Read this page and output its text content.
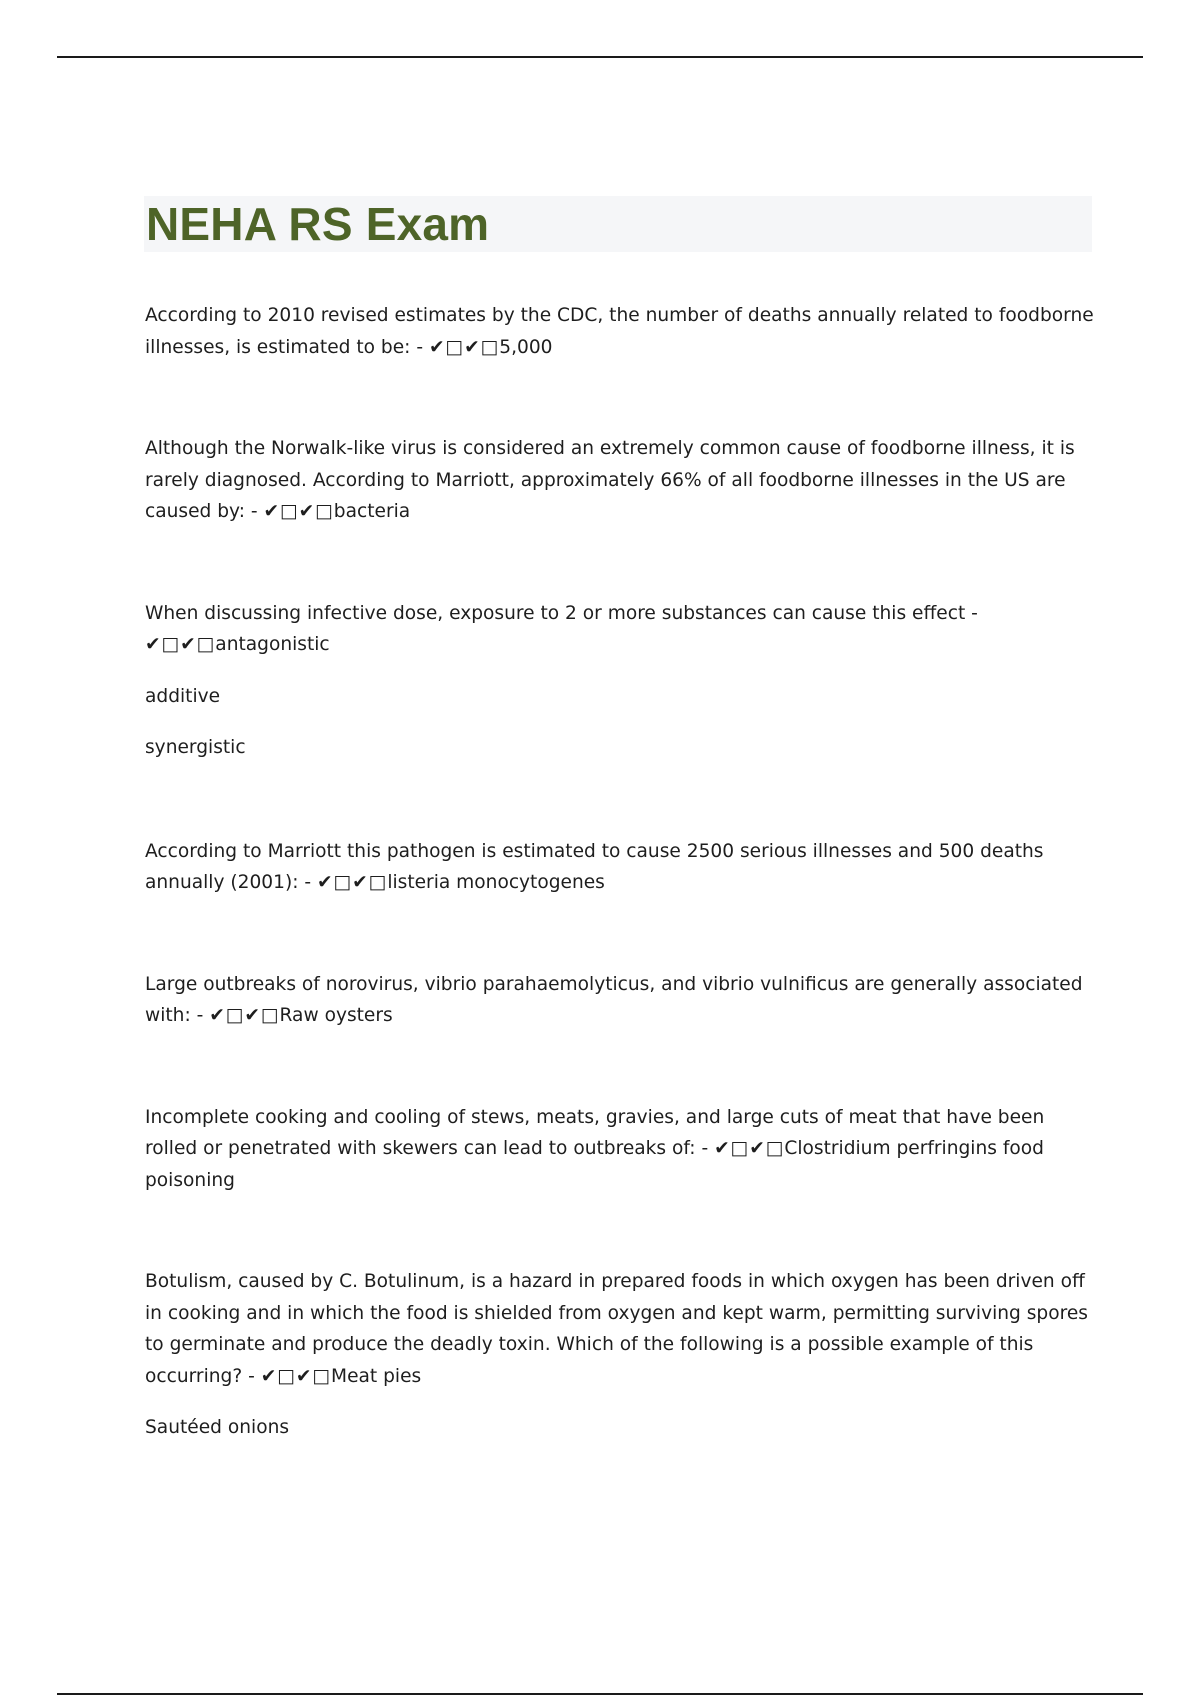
NEHA RS Exam

According to 2010 revised estimates by the CDC, the number of deaths annually related to foodborne illnesses, is estimated to be: - ✔□✔□5,000

Although the Norwalk-like virus is considered an extremely common cause of foodborne illness, it is rarely diagnosed. According to Marriott, approximately 66% of all foodborne illnesses in the US are caused by: - ✔□✔□bacteria

When discussing infective dose, exposure to 2 or more substances can cause this effect - ✔□✔□antagonistic

additive

synergistic

According to Marriott this pathogen is estimated to cause 2500 serious illnesses and 500 deaths annually (2001): - ✔□✔□listeria monocytogenes

Large outbreaks of norovirus, vibrio parahaemolyticus, and vibrio vulnificus are generally associated with: - ✔□✔□Raw oysters

Incomplete cooking and cooling of stews, meats, gravies, and large cuts of meat that have been rolled or penetrated with skewers can lead to outbreaks of: - ✔□✔□Clostridium perfringins food poisoning

Botulism, caused by C. Botulinum, is a hazard in prepared foods in which oxygen has been driven off in cooking and in which the food is shielded from oxygen and kept warm, permitting surviving spores to germinate and produce the deadly toxin. Which of the following is a possible example of this occurring? - ✔□✔□Meat pies

Sautéed onions
